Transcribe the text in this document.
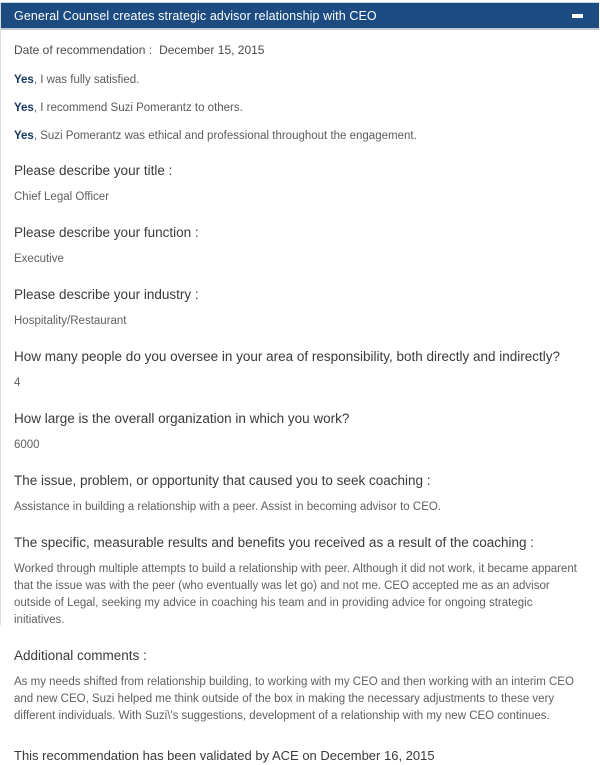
General Counsel creates strategic advisor relationship with CEO
Date of recommendation : December 15, 2015

Yes, I was fully satisfied.

Yes, I recommend Suzi Pomerantz to others.

Yes, Suzi Pomerantz was ethical and professional throughout the engagement.

Please describe your title :

Chief Legal Officer

Please describe your function :

Executive

Please describe your industry :

Hospitality/Restaurant

How many people do you oversee in your area of responsibility, both directly and indirectly?

4

How large is the overall organization in which you work?

6000

The issue, problem, or opportunity that caused you to seek coaching :

Assistance in building a relationship with a peer. Assist in becoming advisor to CEO.

The specific, measurable results and benefits you received as a result of the coaching :

Worked through multiple attempts to build a relationship with peer. Although it did not work, it became apparent that the issue was with the peer (who eventually was let go) and not me. CEO accepted me as an advisor outside of Legal, seeking my advice in coaching his team and in providing advice for ongoing strategic initiatives.

Additional comments :

As my needs shifted from relationship building, to working with my CEO and then working with an interim CEO and new CEO, Suzi helped me think outside of the box in making the necessary adjustments to these very different individuals. With Suzi\'s suggestions, development of a relationship with my new CEO continues.

This recommendation has been validated by ACE on December 16, 2015
